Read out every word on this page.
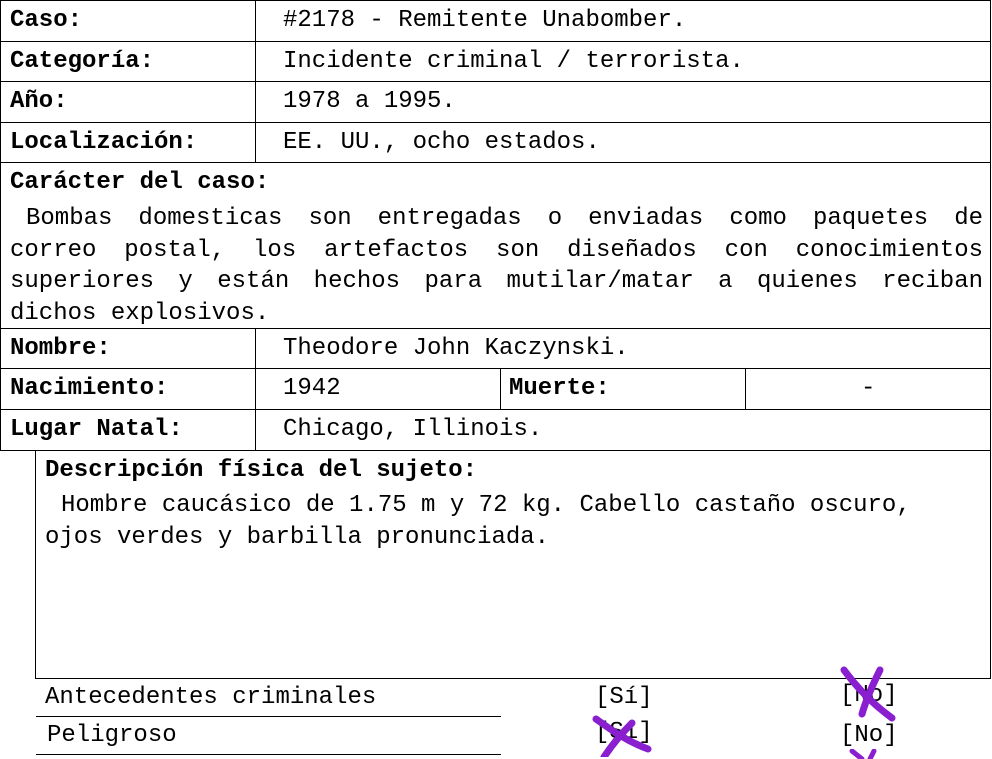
Caso:	#2178 - Remitente Unabomber.
Categoría:	Incidente criminal / terrorista.
Año:	1978 a 1995.
Localización:	EE. UU., ocho estados.
Carácter del caso:
Bombas domesticas son entregadas o enviadas como paquetes de correo postal, los artefactos son diseñados con conocimientos superiores y están hechos para mutilar/matar a quienes reciban dichos explosivos.
Nombre:	Theodore John Kaczynski.
Nacimiento:	1942	Muerte:	-
Lugar Natal:	Chicago, Illinois.
Descripción física del sujeto:
Hombre caucásico de 1.75 m y 72 kg. Cabello castaño oscuro, ojos verdes y barbilla pronunciada.
Antecedentes criminales	[Sí]	[No]
Peligroso	[Sí]	[No]
